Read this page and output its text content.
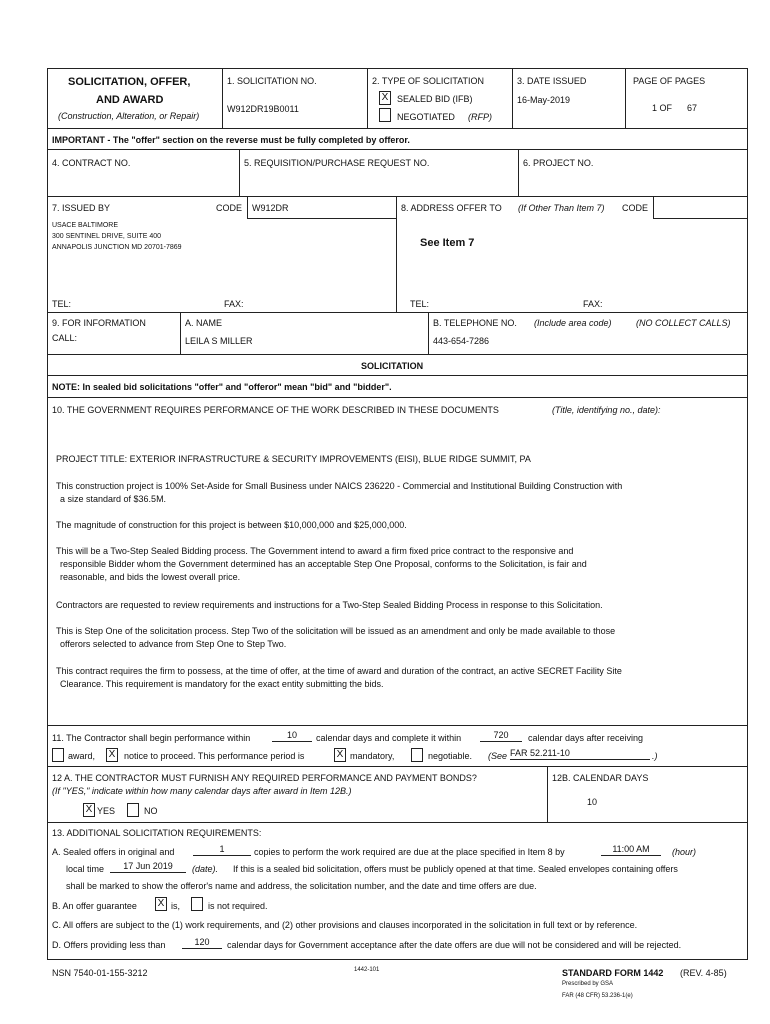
SOLICITATION, OFFER,
AND AWARD
(Construction, Alteration, or Repair)
1. SOLICITATION NO.
W912DR19B0011
2. TYPE OF SOLICITATION
X SEALED BID (IFB)
NEGOTIATED (RFP)
3. DATE ISSUED
16-May-2019
PAGE OF PAGES
1 OF 67
IMPORTANT - The "offer" section on the reverse must be fully completed by offeror.
4. CONTRACT NO.	5. REQUISITION/PURCHASE REQUEST NO.	6. PROJECT NO.
7. ISSUED BY	CODE W912DR
USACE BALTIMORE
300 SENTINEL DRIVE, SUITE 400
ANNAPOLIS JUNCTION MD 20701-7869
8. ADDRESS OFFER TO (If Other Than Item 7) CODE
See Item 7
TEL:	FAX:	TEL:	FAX:
9. FOR INFORMATION
CALL:
A. NAME
LEILA S MILLER
B. TELEPHONE NO. (Include area code)	(NO COLLECT CALLS)
443-654-7286
SOLICITATION
NOTE: In sealed bid solicitations "offer" and "offeror" mean "bid" and "bidder".
10. THE GOVERNMENT REQUIRES PERFORMANCE OF THE WORK DESCRIBED IN THESE DOCUMENTS	(Title, identifying no., date):
PROJECT TITLE: EXTERIOR INFRASTRUCTURE & SECURITY IMPROVEMENTS (EISI), BLUE RIDGE SUMMIT, PA
This construction project is 100% Set-Aside for Small Business under NAICS 236220 - Commercial and Institutional Building Construction with
a size standard of $36.5M.
The magnitude of construction for this project is between $10,000,000 and $25,000,000.
This will be a Two-Step Sealed Bidding process. The Government intend to award a firm fixed price contract to the responsive and
responsible Bidder whom the Government determined has an acceptable Step One Proposal, conforms to the Solicitation, is fair and
reasonable, and bids the lowest overall price.
Contractors are requested to review requirements and instructions for a Two-Step Sealed Bidding Process in response to this Solicitation.
This is Step One of the solicitation process. Step Two of the solicitation will be issued as an amendment and only be made available to those
offerors selected to advance from Step One to Step Two.
This contract requires the firm to possess, at the time of offer, at the time of award and duration of the contract, an active SECRET Facility Site
Clearance. This requirement is mandatory for the exact entity submitting the bids.
11. The Contractor shall begin performance within	10	calendar days and complete it within	720	calendar days after receiving
award, X notice to proceed. This performance period is	X mandatory,	negotiable. (See FAR 52.211-10	.)
12 A. THE CONTRACTOR MUST FURNISH ANY REQUIRED PERFORMANCE AND PAYMENT BONDS?
(If "YES," indicate within how many calendar days after award in Item 12B.)
X YES	NO
12B. CALENDAR DAYS
10
13. ADDITIONAL SOLICITATION REQUIREMENTS:
A. Sealed offers in original and	1	copies to perform the work required are due at the place specified in Item 8 by	11:00 AM	(hour)
local time	17 Jun 2019	(date). If this is a sealed bid solicitation, offers must be publicly opened at that time. Sealed envelopes containing offers
shall be marked to show the offeror's name and address, the solicitation number, and the date and time offers are due.
B. An offer guarantee X is,	is not required.
C. All offers are subject to the (1) work requirements, and (2) other provisions and clauses incorporated in the solicitation in full text or by reference.
D. Offers providing less than	120	calendar days for Government acceptance after the date offers are due will not be considered and will be rejected.
NSN 7540-01-155-3212	1442-101	STANDARD FORM 1442 (REV. 4-85)
Prescribed by GSA
FAR (48 CFR) 53.236-1(e)
